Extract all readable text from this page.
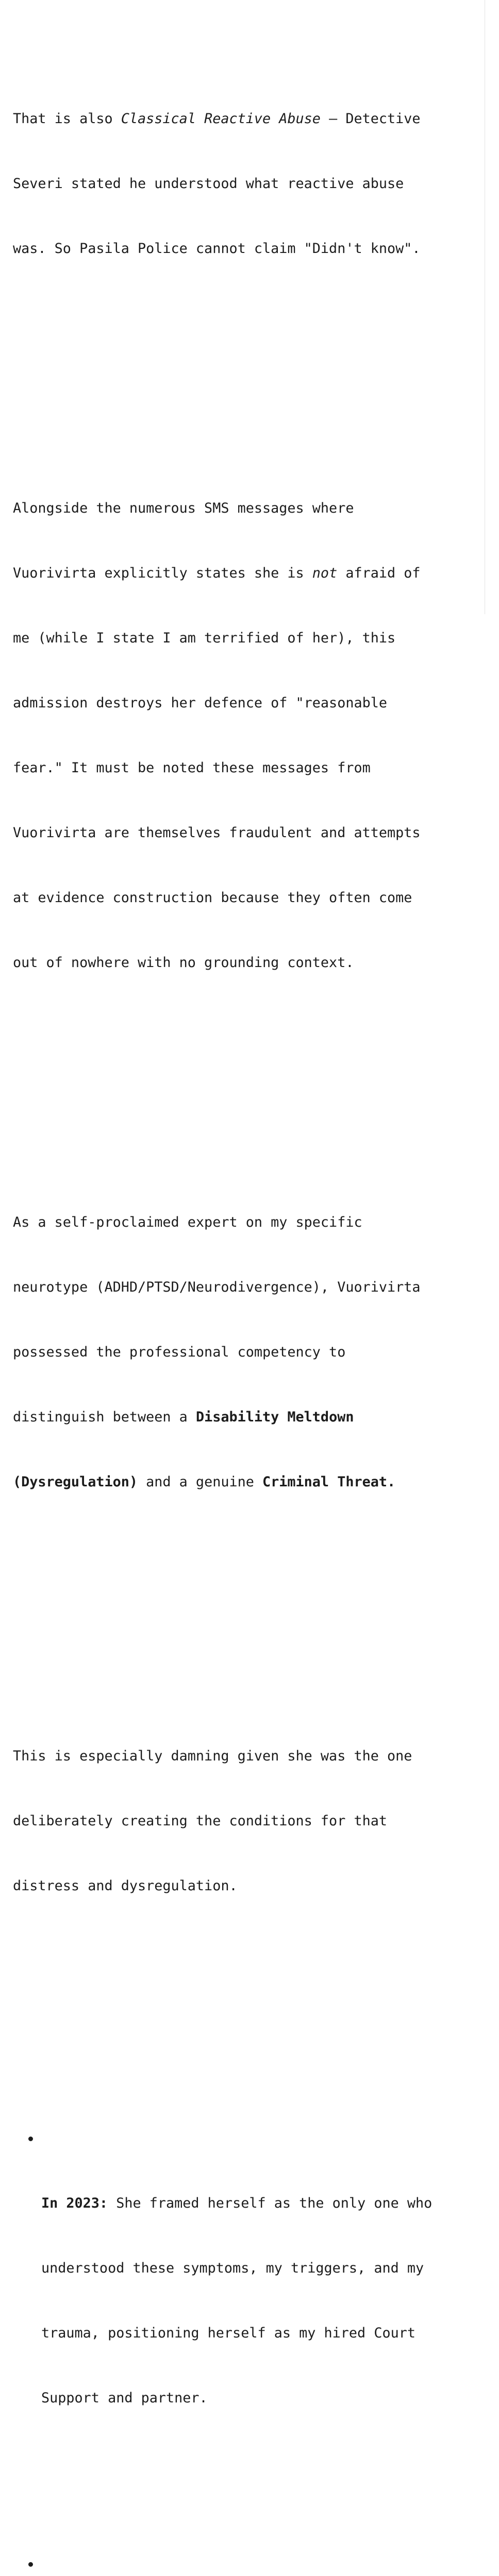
That is also Classical Reactive Abuse – Detective

Severi stated he understood what reactive abuse

was. So Pasila Police cannot claim "Didn't know".

Alongside the numerous SMS messages where

Vuorivirta explicitly states she is not afraid of

me (while I state I am terrified of her), this

admission destroys her defence of "reasonable

fear." It must be noted these messages from

Vuorivirta are themselves fraudulent and attempts

at evidence construction because they often come

out of nowhere with no grounding context.

As a self-proclaimed expert on my specific

neurotype (ADHD/PTSD/Neurodivergence), Vuorivirta

possessed the professional competency to

distinguish between a Disability Meltdown

(Dysregulation) and a genuine Criminal Threat.

This is especially damning given she was the one

deliberately creating the conditions for that

distress and dysregulation.

In 2023: She framed herself as the only one who

understood these symptoms, my triggers, and my

trauma, positioning herself as my hired Court

Support and partner.
